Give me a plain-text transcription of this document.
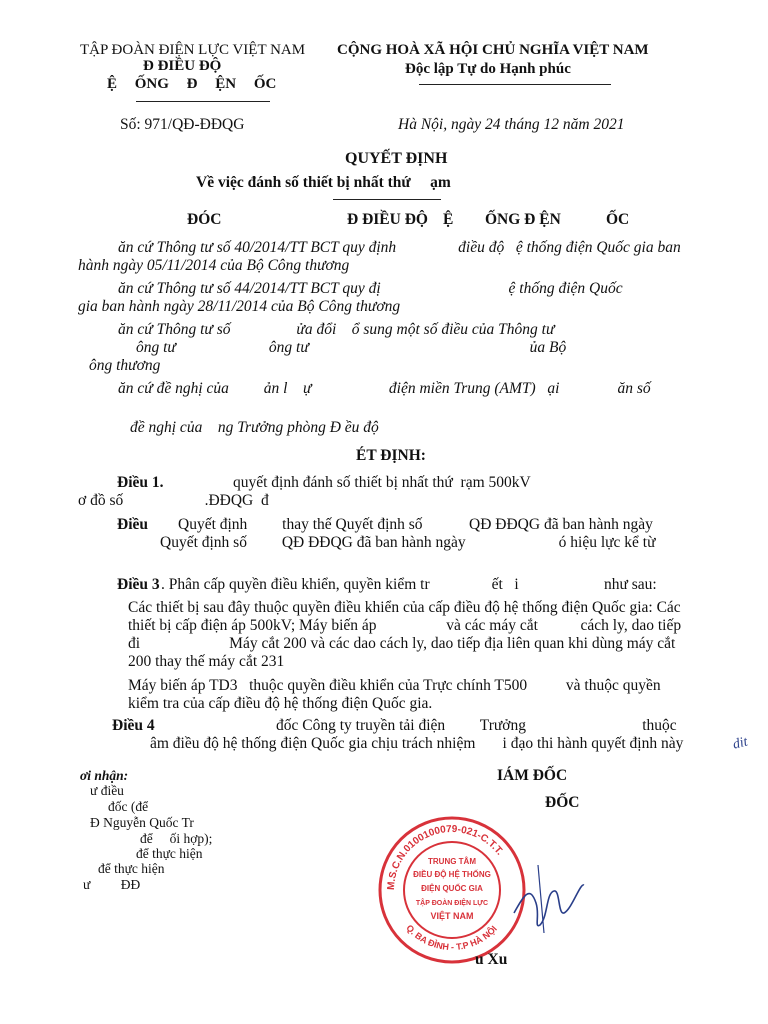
TẬP ĐOÀN ĐIỆN LỰC VIỆT NAM
Đ ĐIỀU ĐỘ
Ệ ỐNG Đ ỆN ỐC
CỘNG HOÀ XÃ HỘI CHỦ NGHĨA VIỆT NAM
Độc lập Tự do Hạnh phúc
Số: 971/QĐ-ĐĐQG	Hà Nội, ngày 24 tháng 12 năm 2021
QUYẾT ĐỊNH
Về việc đánh số thiết bị nhất thứ     ạm
ĐÓC	Đ ĐIỀU ĐỘ Ệ ỐNG Đ ỆN	ỐC
ăn cứ Thông tư số 40/2014/TT BCT quy định                điều độ   ệ thống điện Quốc gia ban
hành ngày 05/11/2014 của Bộ Công thương
ăn cứ Thông tư số 44/2014/TT BCT quy đị                                 ệ thống điện Quốc
gia ban hành ngày 28/11/2014 của Bộ Công thương
ăn cứ Thông tư số                 ửa đổi    ổ sung một số điều của Thông tư
ông tư                        ông tư                                                         ủa Bộ
ông thương
ăn cứ đề nghị của         ản l    ự                    điện miền Trung (AMT)   ại               ăn số
đề nghị của    ng Trưởng phòng Đ ều độ
ÉT ĐỊNH:
Điều 1.	quyết định đánh số thiết bị nhất thứ  rạm 500kV
ơ đồ số                     .ĐĐQG  đ
Điều Quyết định         thay thế Quyết định số            QĐ ĐĐQG đã ban hành ngày
Quyết định số         QĐ ĐĐQG đã ban hành ngày                        ó hiệu lực kể từ
Điều 3 . Phân cấp quyền điều khiển, quyền kiểm tr                ết   i                      như sau:
Các thiết bị sau đây thuộc quyền điều khiển của cấp điều độ hệ thống điện Quốc gia: Các
thiết bị cấp điện áp 500kV; Máy biến áp                  và các máy cắt           cách ly, dao tiếp
đi                       Máy cắt 200 và các dao cách ly, dao tiếp địa liên quan khi dùng máy cắt
200 thay thế máy cắt 231
Máy biến áp TD3   thuộc quyền điều khiển của Trực chính T500          và thuộc quyền
kiểm tra của cấp điều độ hệ thống điện Quốc gia.
Điều 4	đốc Công ty truyền tải điện         Trưởng                              thuộc
âm điều độ hệ thống điện Quốc gia chịu trách nhiệm       i đạo thi hành quyết định này	dit
ơi nhận:
ư điều
đốc (để
Đ Nguyễn Quốc Tr
để     ối hợp);
để thực hiện
để thực hiện
ư         ĐĐ
IÁM ĐỐC
ĐỐC
M.S.C.N.0100100079-021-C.T.T.
Q. BA ĐÌNH - T.P HÀ NỘI
TRUNG TÂM
ĐIỀU ĐỘ HỆ THỐNG
ĐIỆN QUỐC GIA
TẬP ĐOÀN ĐIỆN LỰC
VIỆT NAM
u Xu
